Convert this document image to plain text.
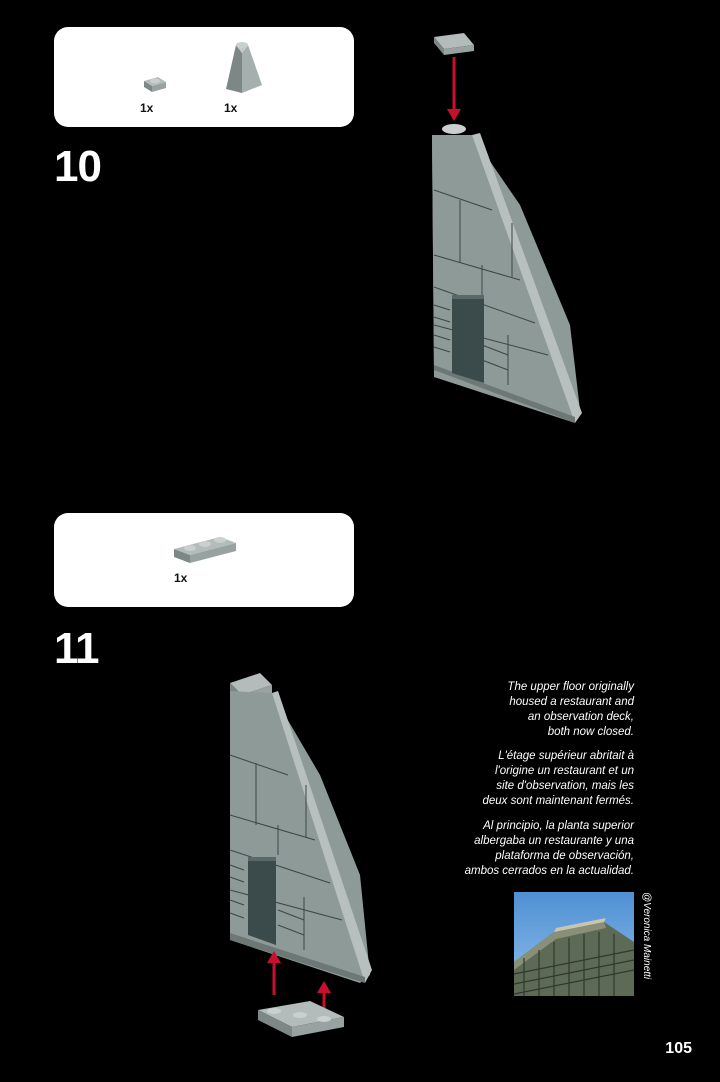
1x	1x
10
1x
11
The upper floor originally
housed a restaurant and
an observation deck,
both now closed.
L'étage supérieur abritait à
l'origine un restaurant et un
site d'observation, mais les
deux sont maintenant fermés.
Al principio, la planta superior
albergaba un restaurante y una
plataforma de observación,
ambos cerrados en la actualidad.
@Veronica Mainetti
105
